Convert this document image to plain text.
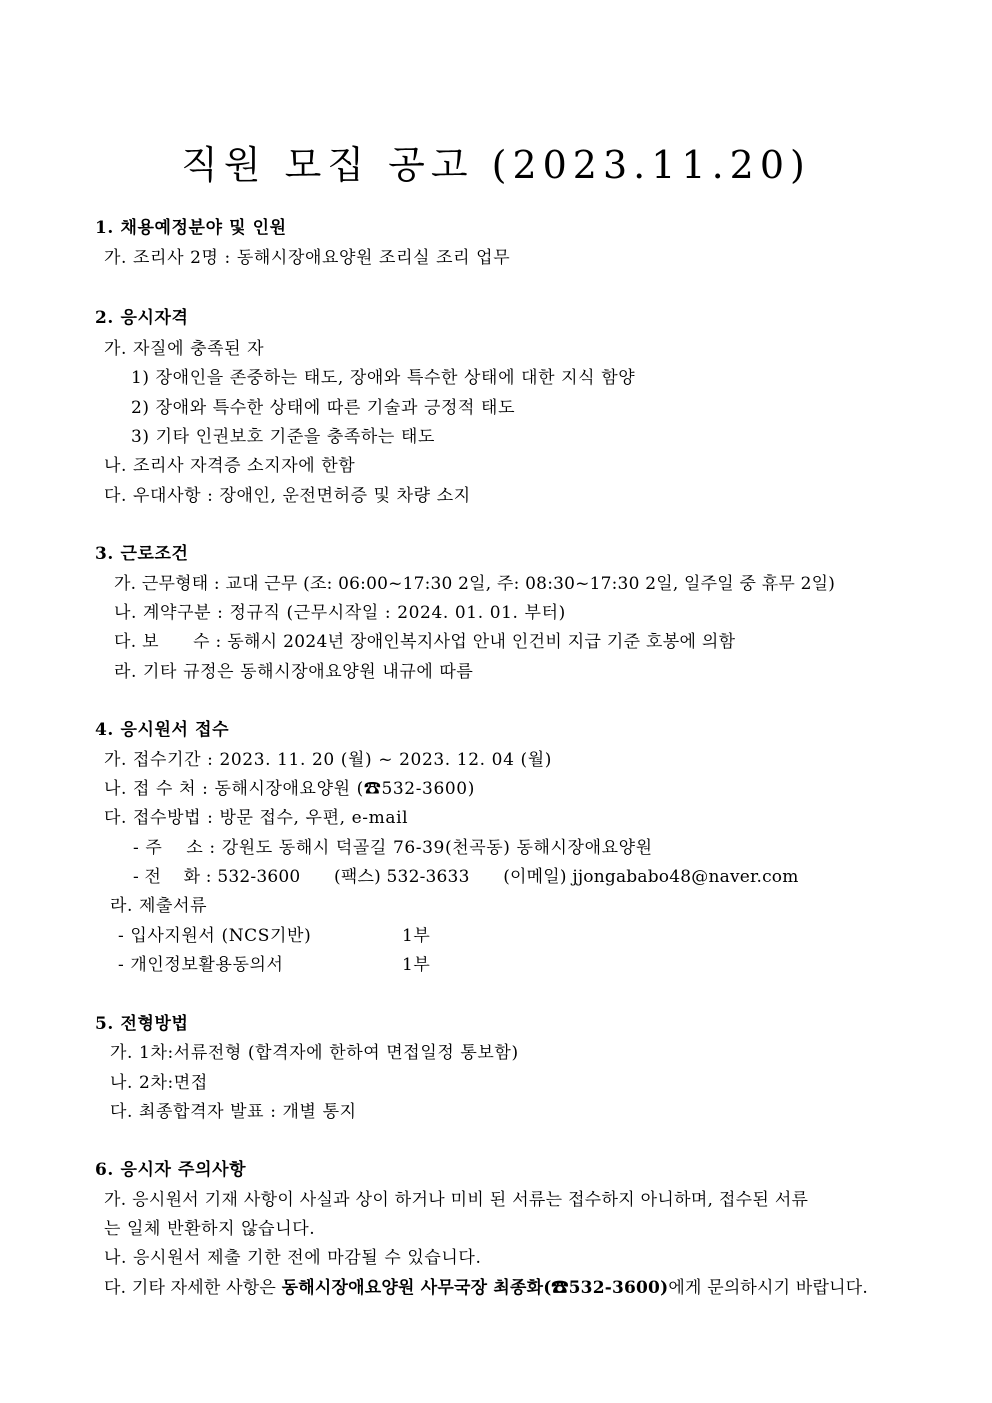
직원 모집 공고 (2023.11.20)
1. 채용예정분야 및 인원
가. 조리사 2명 : 동해시장애요양원 조리실 조리 업무
2. 응시자격
가. 자질에 충족된 자
1) 장애인을 존중하는 태도, 장애와 특수한 상태에 대한 지식 함양
2) 장애와 특수한 상태에 따른 기술과 긍정적 태도
3) 기타 인권보호 기준을 충족하는 태도
나. 조리사 자격증 소지자에 한함
다. 우대사항 : 장애인, 운전면허증 및 차량 소지
3. 근로조건
가. 근무형태 : 교대 근무 (조: 06:00~17:30 2일, 주: 08:30~17:30 2일, 일주일 중 휴무 2일)
나. 계약구분 : 정규직 (근무시작일 : 2024. 01. 01. 부터)
다. 보      수 : 동해시 2024년 장애인복지사업 안내 인건비 지급 기준 호봉에 의함
라. 기타 규정은 동해시장애요양원 내규에 따름
4. 응시원서 접수
가. 접수기간 : 2023. 11. 20 (월) ~ 2023. 12. 04 (월)
나. 접 수 처 : 동해시장애요양원 (☎532-3600)
다. 접수방법 : 방문 접수, 우편, e-mail
- 주    소 : 강원도 동해시 덕골길 76-39(천곡동) 동해시장애요양원
- 전    화 : 532-3600      (팩스) 532-3633      (이메일) jjongababo48@naver.com
라. 제출서류
- 입사지원서 (NCS기반)	1부
- 개인정보활용동의서	1부
5. 전형방법
가. 1차:서류전형 (합격자에 한하여 면접일정 통보함)
나. 2차:면접
다. 최종합격자 발표 : 개별 통지
6. 응시자 주의사항
가. 응시원서 기재 사항이 사실과 상이 하거나 미비 된 서류는 접수하지 아니하며, 접수된 서류
는 일체 반환하지 않습니다.
나. 응시원서 제출 기한 전에 마감될 수 있습니다.
다. 기타 자세한 사항은 동해시장애요양원 사무국장 최종화(☎532-3600)에게 문의하시기 바랍니다.
